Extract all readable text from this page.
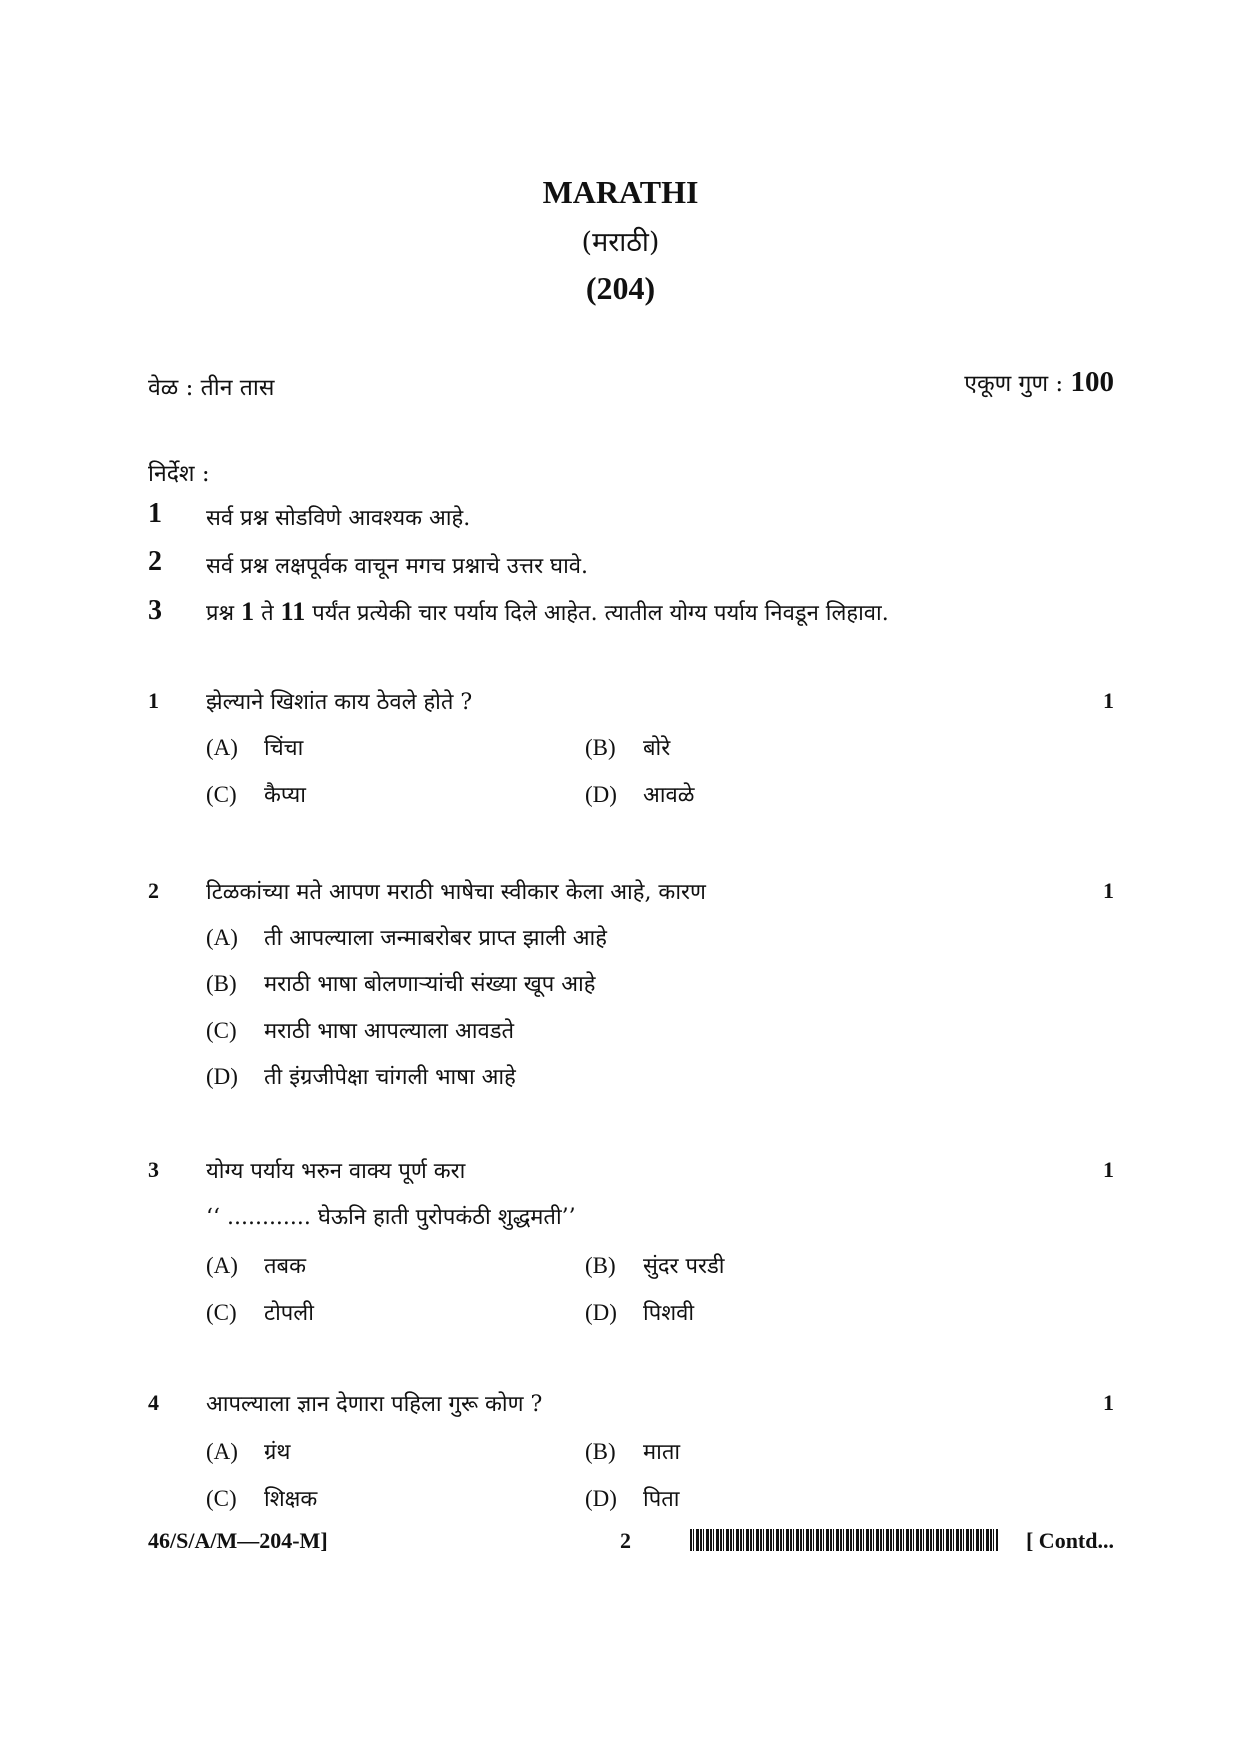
MARATHI
(मराठी)
(204)
वेळ : तीन तास	एकूण गुण : 100
निर्देश :
1 सर्व प्रश्न सोडविणे आवश्यक आहे.
2 सर्व प्रश्न लक्षपूर्वक वाचून मगच प्रश्नाचे उत्तर घावे.
3 प्रश्न 1 ते 11 पर्यंत प्रत्येकी चार पर्याय दिले आहेत. त्यातील योग्य पर्याय निवडून लिहावा.
1 झेल्याने खिशांत काय ठेवले होते ?	1
(A) चिंचा	(B) बोरे
(C) कैप्या	(D) आवळे
2 टिळकांच्या मते आपण मराठी भाषेचा स्वीकार केला आहे, कारण	1
(A) ती आपल्याला जन्माबरोबर प्राप्त झाली आहे
(B) मराठी भाषा बोलणाऱ्यांची संख्या खूप आहे
(C) मराठी भाषा आपल्याला आवडते
(D) ती इंग्रजीपेक्षा चांगली भाषा आहे
3 योग्य पर्याय भरुन वाक्य पूर्ण करा	1
‘‘ ............ घेऊनि हाती पुरोपकंठी शुद्धमती’’
(A) तबक	(B) सुंदर परडी
(C) टोपली	(D) पिशवी
4 आपल्याला ज्ञान देणारा पहिला गुरू कोण ?	1
(A) ग्रंथ	(B) माता
(C) शिक्षक	(D) पिता
46/S/A/M—204-M]	2	[ Contd...
